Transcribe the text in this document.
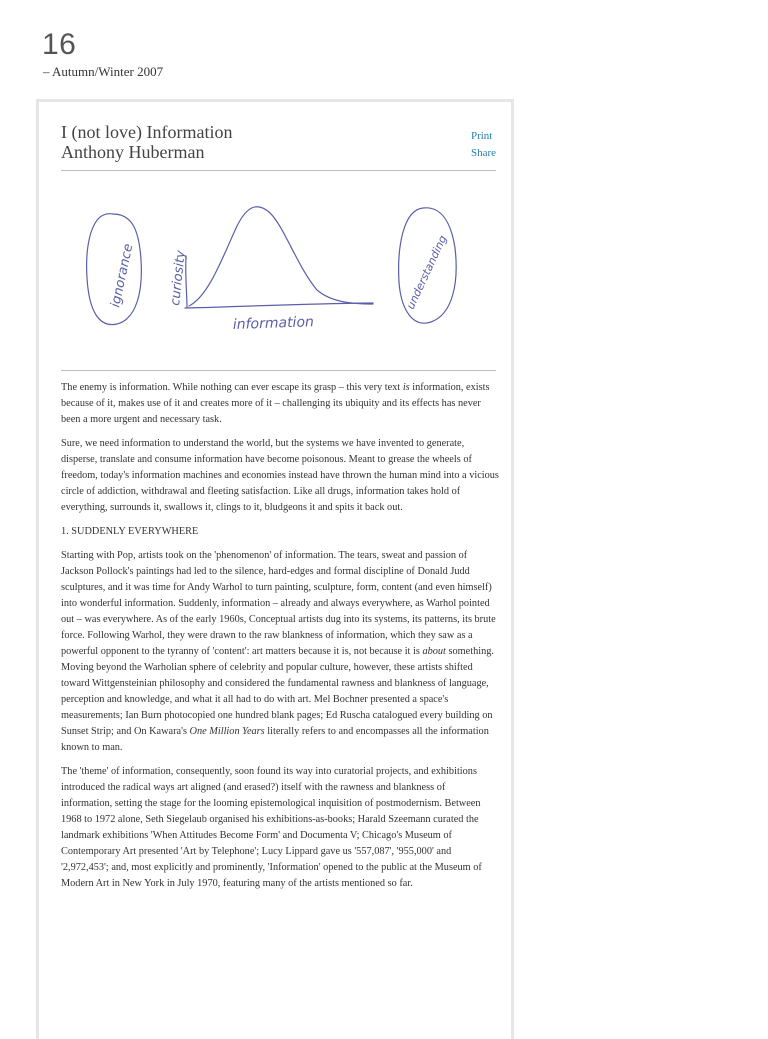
16
– Autumn/Winter 2007
I (not love) Information
Anthony Huberman
Print
Share
ignorance curiosity
information
understanding

The enemy is information. While nothing can ever escape its grasp – this very text is information, exists because of it, makes use of it and creates more of it – challenging its ubiquity and its effects has never been a more urgent and necessary task.

Sure, we need information to understand the world, but the systems we have invented to generate, disperse, translate and consume information have become poisonous. Meant to grease the wheels of freedom, today's information machines and economies instead have thrown the human mind into a vicious circle of addiction, withdrawal and fleeting satisfaction. Like all drugs, information takes hold of everything, surrounds it, swallows it, clings to it, bludgeons it and spits it back out.

1. SUDDENLY EVERYWHERE

Starting with Pop, artists took on the 'phenomenon' of information. The tears, sweat and passion of Jackson Pollock's paintings had led to the silence, hard-edges and formal discipline of Donald Judd sculptures, and it was time for Andy Warhol to turn painting, sculpture, form, content (and even himself) into wonderful information. Suddenly, information – already and always everywhere, as Warhol pointed out – was everywhere. As of the early 1960s, Conceptual artists dug into its systems, its patterns, its brute force. Following Warhol, they were drawn to the raw blankness of information, which they saw as a powerful opponent to the tyranny of 'content': art matters because it is, not because it is about something. Moving beyond the Warholian sphere of celebrity and popular culture, however, these artists shifted toward Wittgensteinian philosophy and considered the fundamental rawness and blankness of language, perception and knowledge, and what it all had to do with art. Mel Bochner presented a space's measurements; Ian Burn photocopied one hundred blank pages; Ed Ruscha catalogued every building on Sunset Strip; and On Kawara's One Million Years literally refers to and encompasses all the information known to man.

The 'theme' of information, consequently, soon found its way into curatorial projects, and exhibitions introduced the radical ways art aligned (and erased?) itself with the rawness and blankness of information, setting the stage for the looming epistemological inquisition of postmodernism. Between 1968 to 1972 alone, Seth Siegelaub organised his exhibitions-as-books; Harald Szeemann curated the landmark exhibitions 'When Attitudes Become Form' and Documenta V; Chicago's Museum of Contemporary Art presented 'Art by Telephone'; Lucy Lippard gave us '557,087', '955,000' and '2,972,453'; and, most explicitly and prominently, 'Information' opened to the public at the Museum of Modern Art in New York in July 1970, featuring many of the artists mentioned so far.
